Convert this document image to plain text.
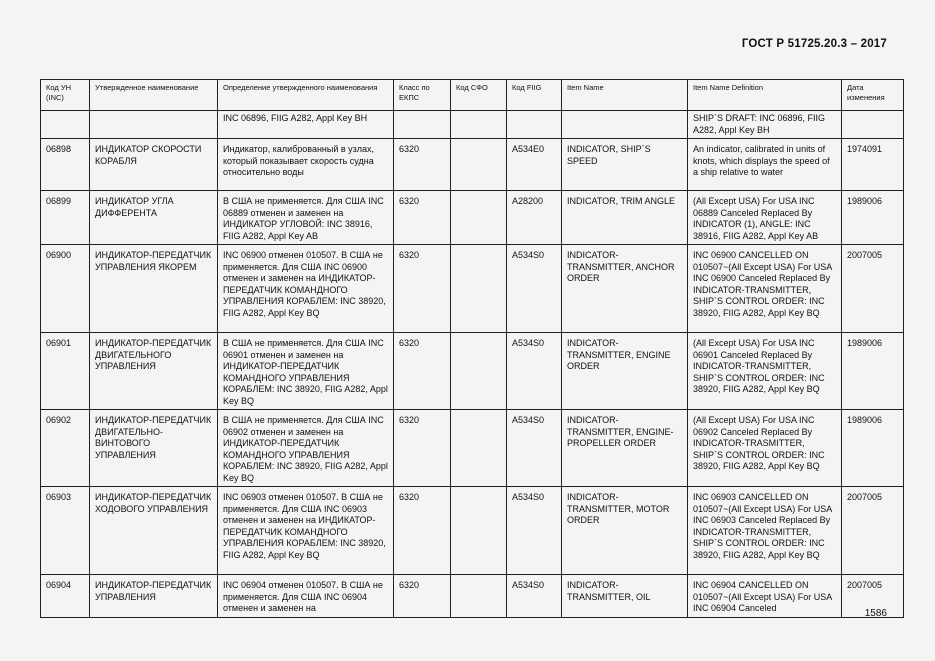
ГОСТ Р 51725.20.3 – 2017
Код УН (INC)	Утвержденное наименование	Определение утвержденного наименования	Класс по ЕКПС	Код СФО	Код FIIG	Item Name	Item Name Definition	Дата изменения
		INC 06896, FIIG A282, Appl Key BH					SHIP`S DRAFT: INC 06896, FIIG A282, Appl Key BH	
06898	ИНДИКАТОР СКОРОСТИ КОРАБЛЯ	Индикатор, калиброванный в узлах, который показывает скорость судна относительно воды	6320		A534E0	INDICATOR, SHIP`S SPEED	An indicator, calibrated in units of knots, which displays the speed of a ship relative to water	1974091
06899	ИНДИКАТОР УГЛА ДИФФЕРЕНТА	В США не применяется. Для США INC 06889 отменен и заменен на ИНДИКАТОР УГЛОВОЙ: INC 38916, FIIG A282, Appl Key AB	6320		A28200	INDICATOR, TRIM ANGLE	(All Except USA) For USA INC 06889 Canceled Replaced By INDICATOR (1), ANGLE: INC 38916, FIIG A282, Appl Key AB	1989006
06900	ИНДИКАТОР-ПЕРЕДАТЧИК УПРАВЛЕНИЯ ЯКОРЕМ	INC 06900 отменен 010507. В США не применяется. Для США INC 06900 отменен и заменен на ИНДИКАТОР-ПЕРЕДАТЧИК КОМАНДНОГО УПРАВЛЕНИЯ КОРАБЛЕМ: INC 38920, FIIG A282, Appl Key BQ	6320		A534S0	INDICATOR-TRANSMITTER, ANCHOR ORDER	INC 06900 CANCELLED ON 010507~(All Except USA) For USA INC 06900 Canceled Replaced By INDICATOR-TRANSMITTER, SHIP`S CONTROL ORDER: INC 38920, FIIG A282, Appl Key BQ	2007005
06901	ИНДИКАТОР-ПЕРЕДАТЧИК ДВИГАТЕЛЬНОГО УПРАВЛЕНИЯ	В США не применяется. Для США INC 06901 отменен и заменен на ИНДИКАТОР-ПЕРЕДАТЧИК КОМАНДНОГО УПРАВЛЕНИЯ КОРАБЛЕМ: INC 38920, FIIG A282, Appl Key BQ	6320		A534S0	INDICATOR-TRANSMITTER, ENGINE ORDER	(All Except USA) For USA INC 06901 Canceled Replaced By INDICATOR-TRANSMITTER, SHIP`S CONTROL ORDER: INC 38920, FIIG A282, Appl Key BQ	1989006
06902	ИНДИКАТОР-ПЕРЕДАТЧИК ДВИГАТЕЛЬНО-ВИНТОВОГО УПРАВЛЕНИЯ	В США не применяется. Для США INC 06902 отменен и заменен на ИНДИКАТОР-ПЕРЕДАТЧИК КОМАНДНОГО УПРАВЛЕНИЯ КОРАБЛЕМ: INC 38920, FIIG A282, Appl Key BQ	6320		A534S0	INDICATOR-TRANSMITTER, ENGINE-PROPELLER ORDER	(All Except USA) For USA INC 06902 Canceled Replaced By INDICATOR-TRASMITTER, SHIP`S CONTROL ORDER: INC 38920, FIIG A282, Appl Key BQ	1989006
06903	ИНДИКАТОР-ПЕРЕДАТЧИК ХОДОВОГО УПРАВЛЕНИЯ	INC 06903 отменен 010507. В США не применяется. Для США INC 06903 отменен и заменен на ИНДИКАТОР-ПЕРЕДАТЧИК КОМАНДНОГО УПРАВЛЕНИЯ КОРАБЛЕМ: INC 38920, FIIG A282, Appl Key BQ	6320		A534S0	INDICATOR-TRANSMITTER, MOTOR ORDER	INC 06903 CANCELLED ON 010507~(All Except USA) For USA INC 06903 Canceled Replaced By INDICATOR-TRANSMITTER, SHIP`S CONTROL ORDER: INC 38920, FIIG A282, Appl Key BQ	2007005
06904	ИНДИКАТОР-ПЕРЕДАТЧИК УПРАВЛЕНИЯ	INC 06904 отменен 010507. В США не применяется. Для США INC 06904 отменен и заменен на	6320		A534S0	INDICATOR-TRANSMITTER, OIL	INC 06904 CANCELLED ON 010507~(All Except USA) For USA INC 06904 Canceled	2007005
1586
